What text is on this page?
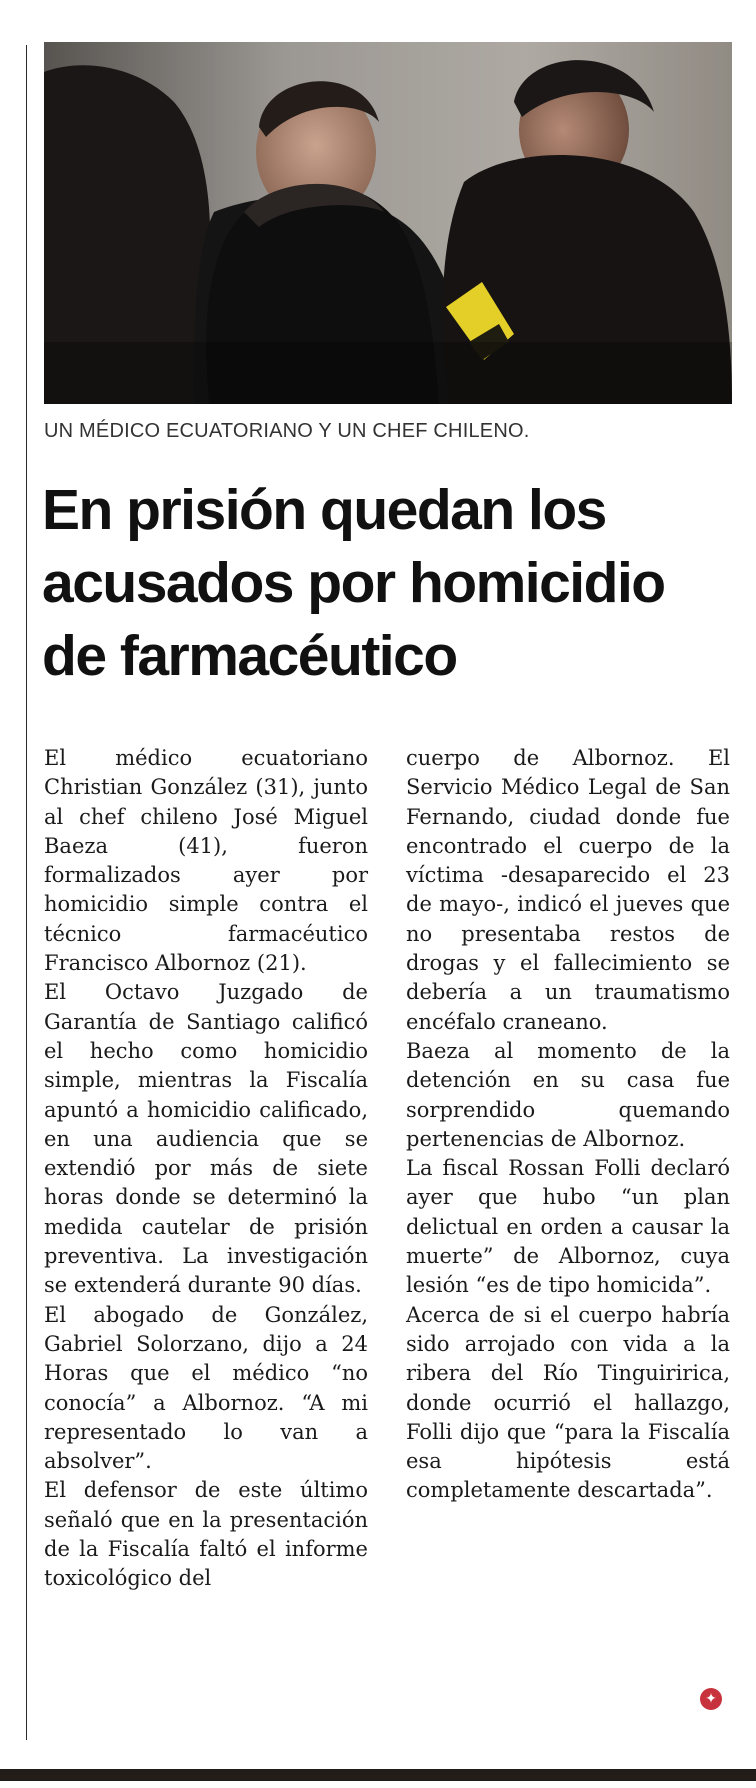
UN MÉDICO ECUATORIANO Y UN CHEF CHILENO.
En prisión quedan los acusados por homicidio de farmacéutico

El médico ecuatoriano Christian González (31), junto al chef chileno José Miguel Baeza (41), fueron formalizados ayer por homicidio simple contra el técnico farmacéutico Francisco Albornoz (21).

El Octavo Juzgado de Garantía de Santiago calificó el hecho como homicidio simple, mientras la Fiscalía apuntó a homicidio calificado, en una audiencia que se extendió por más de siete horas donde se determinó la medida cautelar de prisión preventiva. La investigación se extenderá durante 90 días.

El abogado de González, Gabriel Solorzano, dijo a 24 Horas que el médico “no conocía” a Albornoz. “A mi representado lo van a absolver”.

El defensor de este último señaló que en la presentación de la Fiscalía faltó el informe toxicológico del

cuerpo de Albornoz. El Servicio Médico Legal de San Fernando, ciudad donde fue encontrado el cuerpo de la víctima -desaparecido el 23 de mayo-, indicó el jueves que no presentaba restos de drogas y el fallecimiento se debería a un traumatismo encéfalo craneano.

Baeza al momento de la detención en su casa fue sorprendido quemando pertenencias de Albornoz.

La fiscal Rossan Folli declaró ayer que hubo “un plan delictual en orden a causar la muerte” de Albornoz, cuya lesión “es de tipo homicida”.

Acerca de si el cuerpo habría sido arrojado con vida a la ribera del Río Tinguiririca, donde ocurrió el hallazgo, Folli dijo que “para la Fiscalía esa hipótesis está completamente descartada”.

✦
